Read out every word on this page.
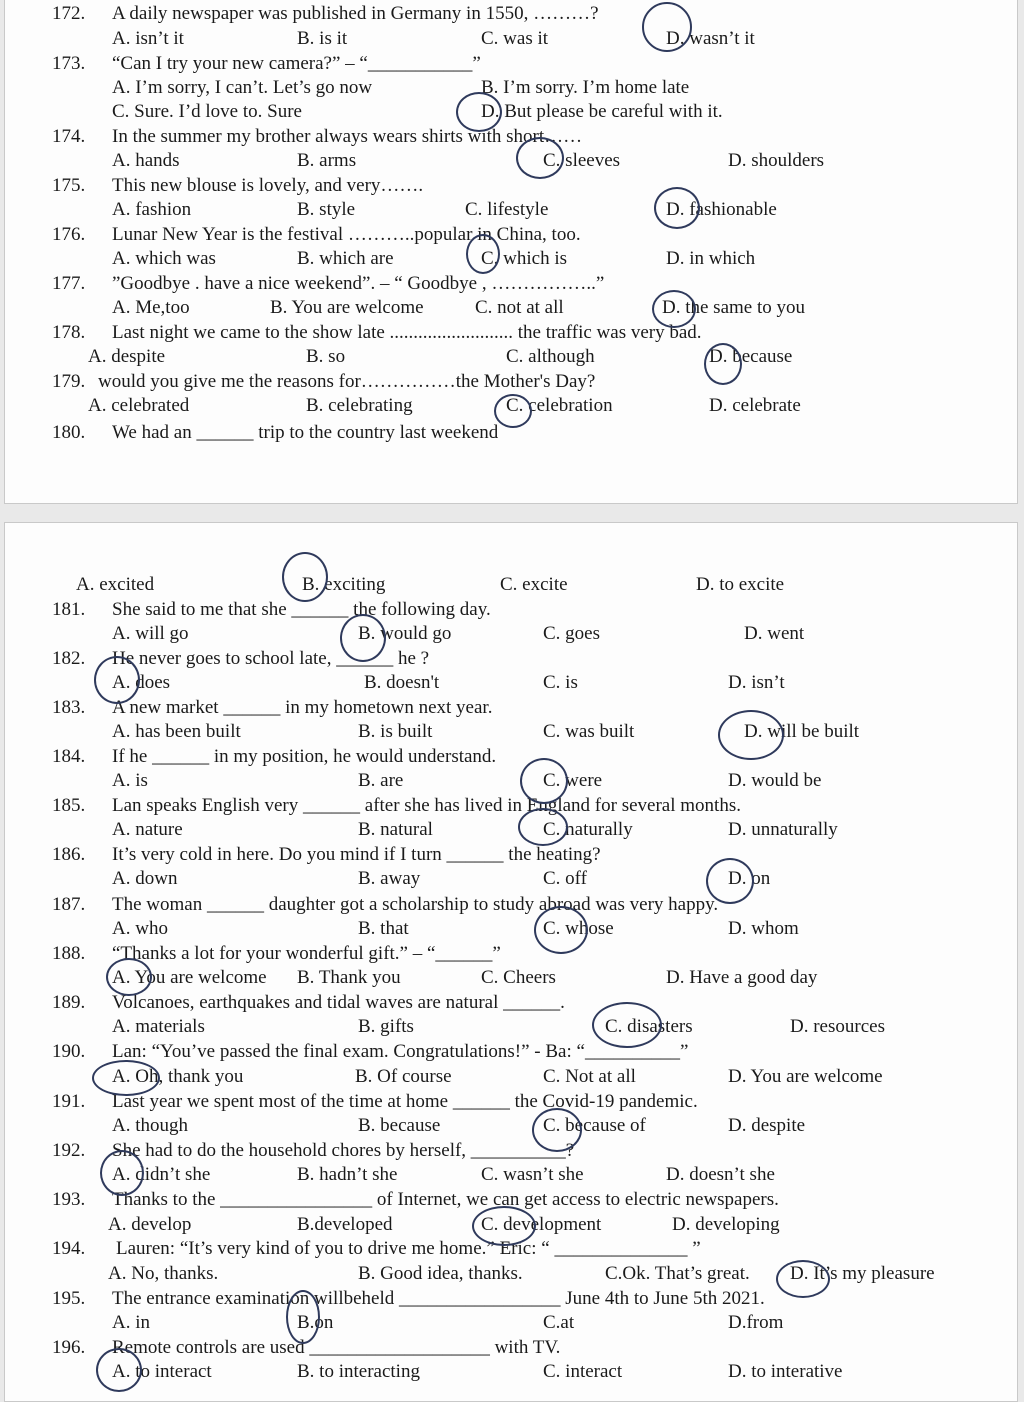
172. A daily newspaper was published in Germany in 1550, ………?
A. isn’t it	B. is it	C. was it	D. wasn’t it
173. “Can I try your new camera?” – “___________”
A. I’m sorry, I can’t. Let’s go now	B. I’m sorry. I’m home late
C. Sure. I’d love to. Sure	D. But please be careful with it.
174. In the summer my brother always wears shirts with short……
A. hands	B. arms	C. sleeves	D. shoulders
175. This new blouse is lovely, and very…….
A. fashion	B. style	C. lifestyle	D. fashionable
176. Lunar New Year is the festival ………..popular in China, too.
A. which was	B. which are	C. which is	D. in which
177. ”Goodbye . have a nice weekend”. – “ Goodbye , ……………..”
A. Me,too	B. You are welcome	C. not at all	D. the same to you
178. Last night we came to the show late .......................... the traffic was very bad.
A. despite	B. so	C. although	D. because
179. would you give me the reasons for……………the Mother's Day?
A. celebrated	B. celebrating	C. celebration	D. celebrate
180. We had an ______ trip to the country last weekend
A. excited	B. exciting	C. excite	D. to excite
181. She said to me that she ______ the following day.
A. will go	B. would go	C. goes	D. went
182. He never goes to school late, ______ he ?
A. does	B. doesn't	C. is	D. isn’t
183. A new market ______ in my hometown next year.
A. has been built	B. is built	C. was built	D. will be built
184. If he ______ in my position, he would understand.
A. is	B. are	C. were	D. would be
185. Lan speaks English very ______ after she has lived in England for several months.
A. nature	B. natural	C. naturally	D. unnaturally
186. It’s very cold in here. Do you mind if I turn ______ the heating?
A. down	B. away	C. off	D. on
187. The woman ______ daughter got a scholarship to study abroad was very happy.
A. who	B. that	C. whose	D. whom
188. “Thanks a lot for your wonderful gift.” – “______”
A. You are welcome B. Thank you	C. Cheers	D. Have a good day
189. Volcanoes, earthquakes and tidal waves are natural ______.
A. materials	B. gifts	C. disasters	D. resources
190. Lan: “You’ve passed the final exam. Congratulations!” - Ba: “__________”
A. Oh, thank you	B. Of course	C. Not at all	D. You are welcome
191. Last year we spent most of the time at home ______ the Covid-19 pandemic.
A. though	B. because	C. because of	D. despite
192. She had to do the household chores by herself, __________?
A. didn’t she	B. hadn’t she	C. wasn’t she	D. doesn’t she
193. Thanks to the ________________ of Internet, we can get access to electric newspapers.
A. develop	B.developed	C. development	D. developing
194. Lauren: “It’s very kind of you to drive me home.” Eric: “ ______________ ”
A. No, thanks.	B. Good idea, thanks.	C.Ok. That’s great. D. It’s my pleasure
195. The entrance examination willbeheld _________________ June 4th to June 5th 2021.
A. in	B.on	C.at	D.from
196. Remote controls are used ___________________ with TV.
A. to interact	B. to interacting	C. interact	D. to interative
